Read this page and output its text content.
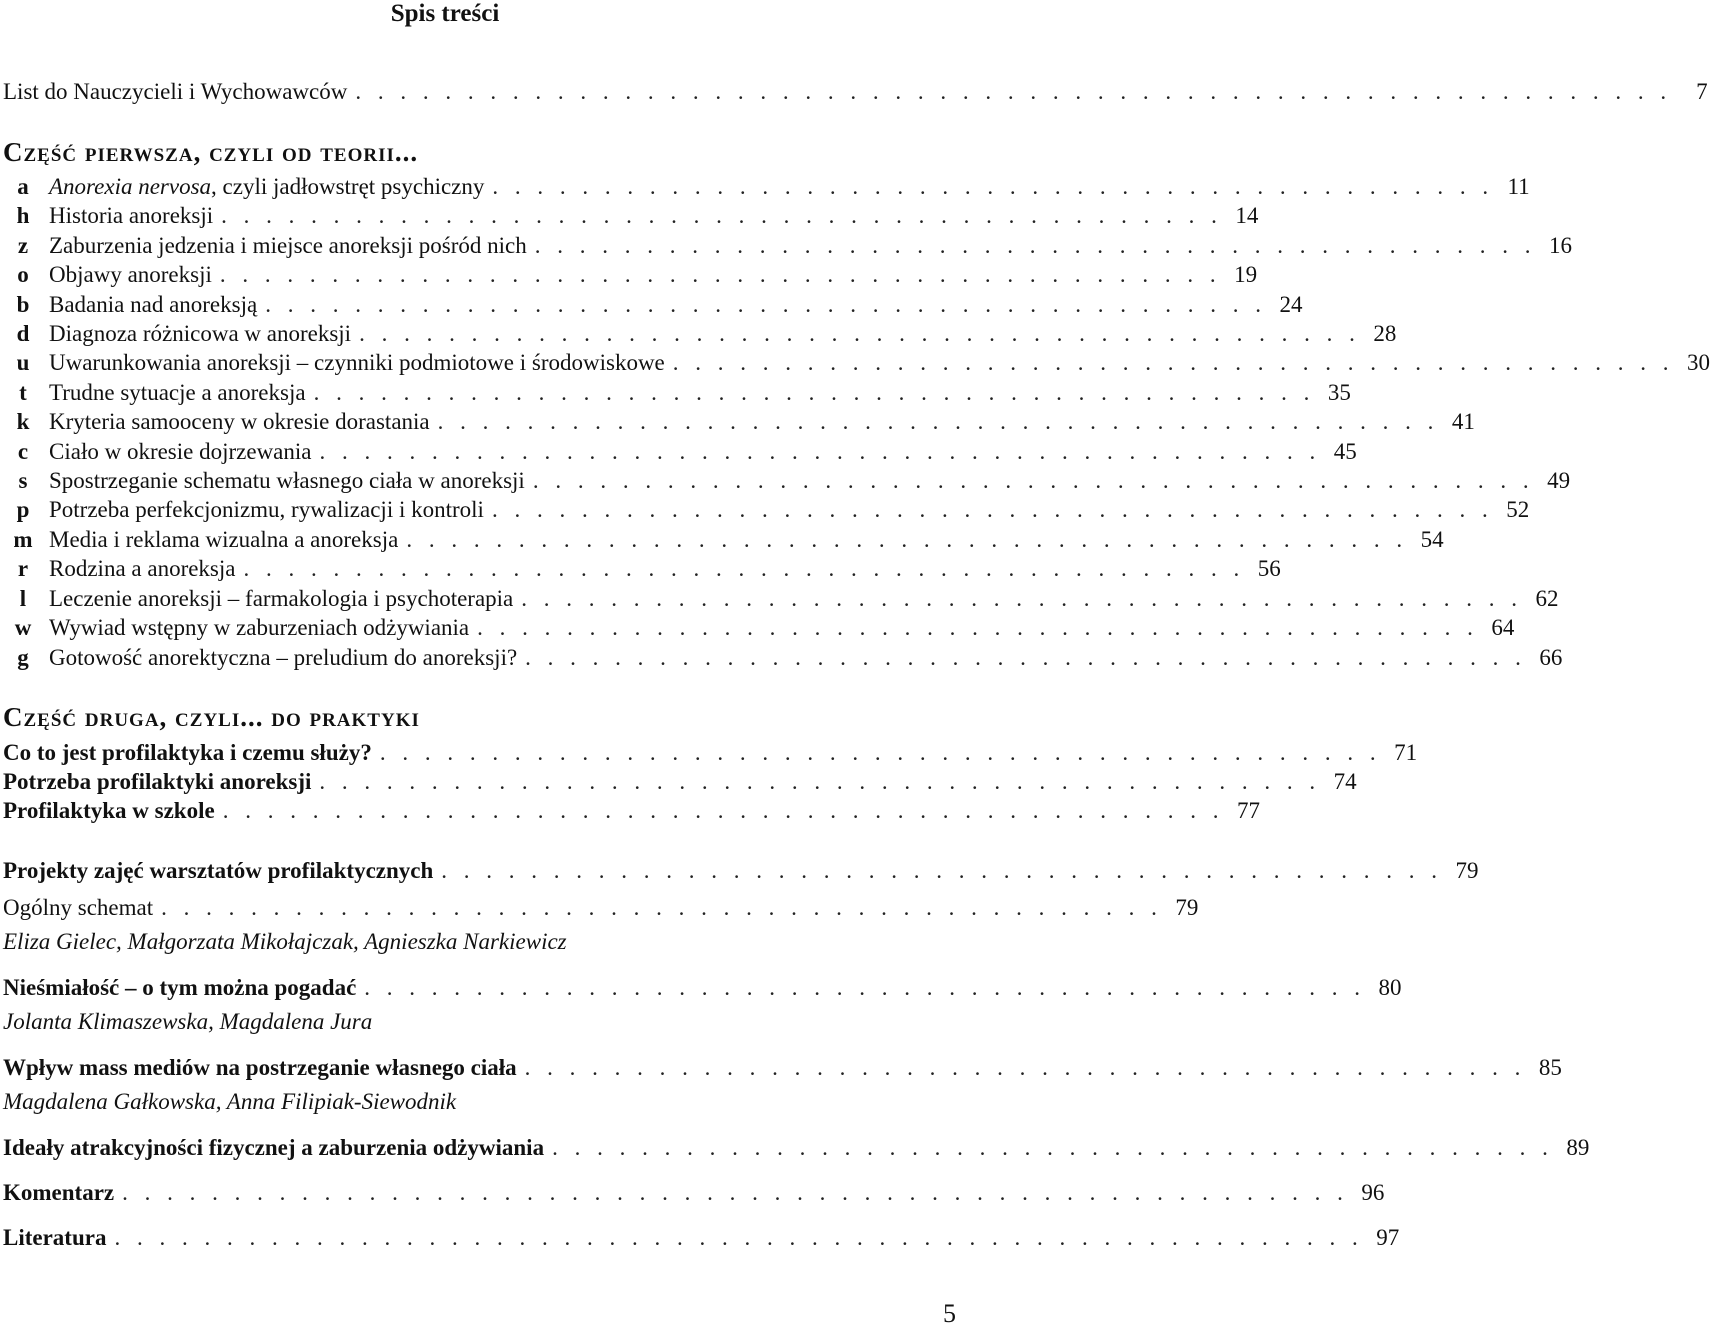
Spis treści
List do Nauczycieli i Wychowawców . . . . . . . . . . . . . . . . . . . . . . . . . . . . . . . . . . . . . . . . . . . . . . . . . . . . . . . . . . .	7
Część pierwsza, czyli od teorii...
a Anorexia nervosa, czyli jadłowstręt psychiczny . . . . . . . . . . . . . . . . . . . . . . . . . . . . . . . . . . . . . . . . . . . . . 11
h Historia anoreksji . . . . . . . . . . . . . . . . . . . . . . . . . . . . . . . . . . . . . . . . . . . . . 14
z Zaburzenia jedzenia i miejsce anoreksji pośród nich . . . . . . . . . . . . . . . . . . . . . . . . . . . . . . . . . . . . . . . . . . . . . 16
o Objawy anoreksji . . . . . . . . . . . . . . . . . . . . . . . . . . . . . . . . . . . . . . . . . . . . . 19
b Badania nad anoreksją . . . . . . . . . . . . . . . . . . . . . . . . . . . . . . . . . . . . . . . . . . . . . 24
d Diagnoza różnicowa w anoreksji . . . . . . . . . . . . . . . . . . . . . . . . . . . . . . . . . . . . . . . . . . . . . 28
u Uwarunkowania anoreksji – czynniki podmiotowe i środowiskowe . . . . . . . . . . . . . . . . . . . . . . . . . . . . . . . . . . . . . . . . . . . . . 30
t Trudne sytuacje a anoreksja . . . . . . . . . . . . . . . . . . . . . . . . . . . . . . . . . . . . . . . . . . . . . 35
k Kryteria samooceny w okresie dorastania . . . . . . . . . . . . . . . . . . . . . . . . . . . . . . . . . . . . . . . . . . . . . 41
c Ciało w okresie dojrzewania . . . . . . . . . . . . . . . . . . . . . . . . . . . . . . . . . . . . . . . . . . . . . 45
s Spostrzeganie schematu własnego ciała w anoreksji . . . . . . . . . . . . . . . . . . . . . . . . . . . . . . . . . . . . . . . . . . . . . 49
p Potrzeba perfekcjonizmu, rywalizacji i kontroli . . . . . . . . . . . . . . . . . . . . . . . . . . . . . . . . . . . . . . . . . . . . . 52
m Media i reklama wizualna a anoreksja . . . . . . . . . . . . . . . . . . . . . . . . . . . . . . . . . . . . . . . . . . . . . 54
r Rodzina a anoreksja . . . . . . . . . . . . . . . . . . . . . . . . . . . . . . . . . . . . . . . . . . . . . 56
l Leczenie anoreksji – farmakologia i psychoterapia . . . . . . . . . . . . . . . . . . . . . . . . . . . . . . . . . . . . . . . . . . . . . 62
w Wywiad wstępny w zaburzeniach odżywiania . . . . . . . . . . . . . . . . . . . . . . . . . . . . . . . . . . . . . . . . . . . . . 64
g Gotowość anorektyczna – preludium do anoreksji? . . . . . . . . . . . . . . . . . . . . . . . . . . . . . . . . . . . . . . . . . . . . . 66
Część druga, czyli... do praktyki
Co to jest profilaktyka i czemu służy? . . . . . . . . . . . . . . . . . . . . . . . . . . . . . . . . . . . . . . . . . . . . . 71
Potrzeba profilaktyki anoreksji . . . . . . . . . . . . . . . . . . . . . . . . . . . . . . . . . . . . . . . . . . . . . 74
Profilaktyka w szkole . . . . . . . . . . . . . . . . . . . . . . . . . . . . . . . . . . . . . . . . . . . . . 77
Projekty zajęć warsztatów profilaktycznych . . . . . . . . . . . . . . . . . . . . . . . . . . . . . . . . . . . . . . . . . . . . . 79
Ogólny schemat . . . . . . . . . . . . . . . . . . . . . . . . . . . . . . . . . . . . . . . . . . . . . 79
Eliza Gielec, Małgorzata Mikołajczak, Agnieszka Narkiewicz
Nieśmiałość – o tym można pogadać . . . . . . . . . . . . . . . . . . . . . . . . . . . . . . . . . . . . . . . . . . . . . 80
Jolanta Klimaszewska, Magdalena Jura
Wpływ mass mediów na postrzeganie własnego ciała . . . . . . . . . . . . . . . . . . . . . . . . . . . . . . . . . . . . . . . . . . . . . 85
Magdalena Gałkowska, Anna Filipiak-Siewodnik
Ideały atrakcyjności fizycznej a zaburzenia odżywiania . . . . . . . . . . . . . . . . . . . . . . . . . . . . . . . . . . . . . . . . . . . . . 89
Komentarz . . . . . . . . . . . . . . . . . . . . . . . . . . . . . . . . . . . . . . . . . . . . . . . . . . . . . . . 96
Literatura . . . . . . . . . . . . . . . . . . . . . . . . . . . . . . . . . . . . . . . . . . . . . . . . . . . . . . . . 97
5
